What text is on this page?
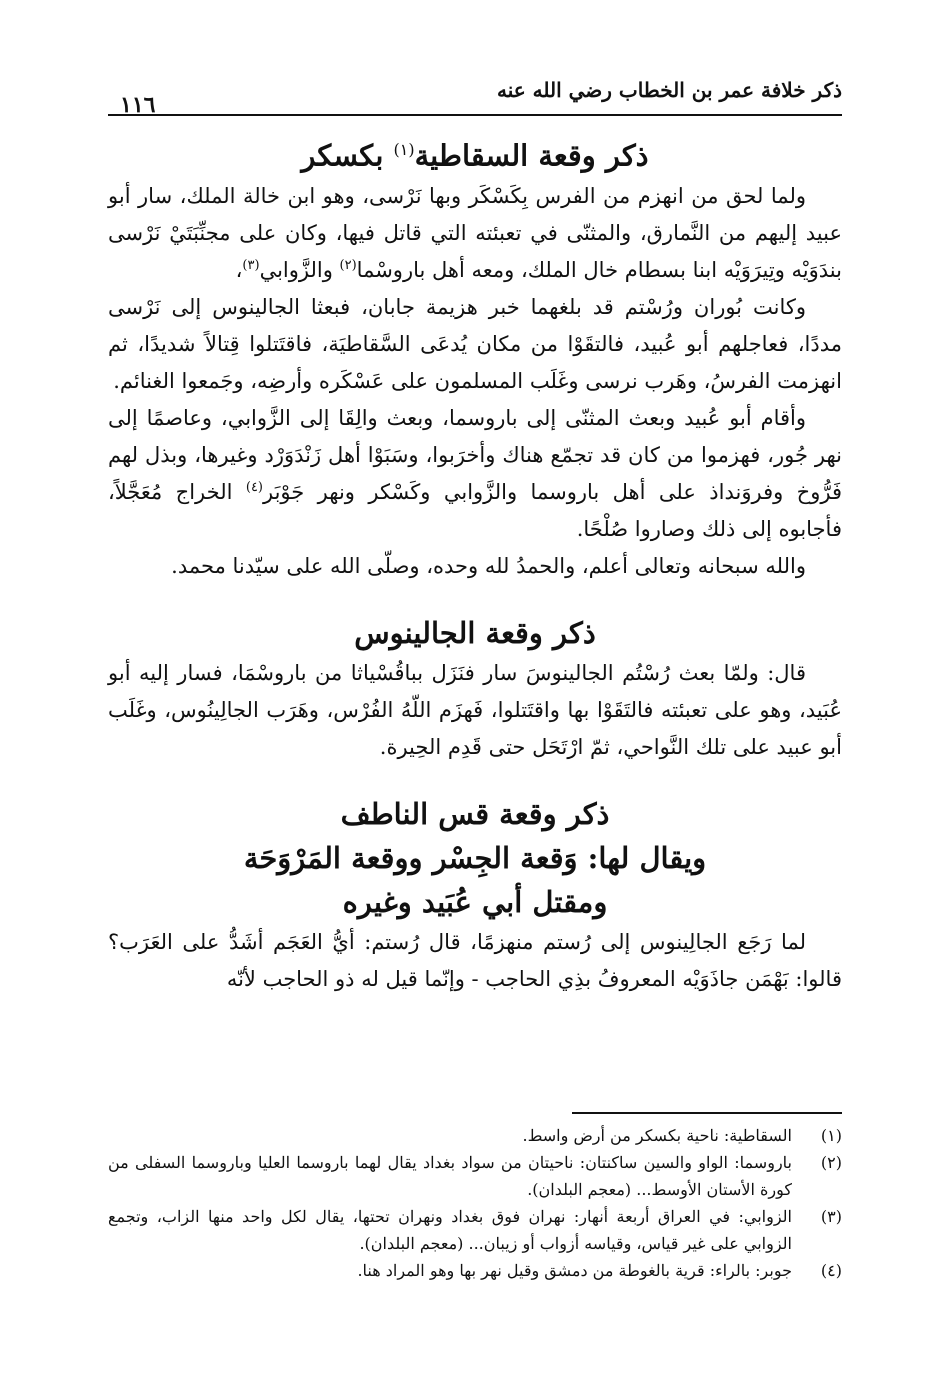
ذكر خلافة عمر بن الخطاب رضي الله عنه
١١٦
ذكر وقعة السقاطية$^{(١)}$ بكسكر

ولما لحق من انهزم من الفرس بِكَسْكَر وبها نَرْسى، وهو ابن خالة الملك، سار أبو عبيد إليهم من النَّمارق، والمثنّى في تعبئته التي قاتل فيها، وكان على مجنِّبَتَيْ نَرْسى بندَوَيْه وتِيرَوَيْه ابنا بسطام خال الملك، ومعه أهل باروسْما$^{(٢)}$ والزَّوابي$^{(٣)}$،

وكانت بُوران ورُسْتم قد بلغهما خبر هزيمة جابان، فبعثا الجالينوس إلى نَرْسى مددًا، فعاجلهم أبو عُبيد، فالتقَوْا من مكان يُدعَى السَّقاطيَة، فاقتَتلوا قِتالاً شديدًا، ثم انهزمت الفرسُ، وهَرب نرسى وغَلَب المسلمون على عَسْكَره وأرضِه، وجَمعوا الغنائم.

وأقام أبو عُبيد وبعث المثنّى إلى باروسما، وبعث والِقَا إلى الزَّوابي، وعاصمًا إلى نهر جُور، فهزموا من كان قد تجمّع هناك وأخرَبوا، وسَبَوْا أهل زَنْدَوَرْد وغيرها، وبذل لهم فَرُّوخ وفروَنداذ على أهل باروسما والزَّوابي وكَسْكر ونهر جَوْبَر$^{(٤)}$ الخراج مُعَجَّلاً، فأجابوه إلى ذلك وصاروا صُلْحًا.

والله سبحانه وتعالى أعلم، والحمدُ لله وحده، وصلّى الله على سيّدنا محمد.

ذكر وقعة الجالينوس

قال: ولمّا بعث رُسْتُم الجالينوسَ سار فنَزَل بباقُسْياثا من باروسْمَا، فسار إليه أبو عُبَيد، وهو على تعبئته فالتَقَوْا بها واقتَتلوا، فَهزَم اللّهُ الفُرْس، وهَرَب الجالِينُوس، وغَلَب أبو عبيد على تلك النَّواحي، ثمّ ارْتَحَل حتى قَدِم الحِيرة.

ذكر وقعة قس الناطف
ويقال لها: وَقعة الجِسْر ووقعة المَرْوَحَة
ومقتل أبي عُبَيد وغيره

لما رَجَع الجالِينوس إلى رُستم منهزمًا، قال رُستم: أيُّ العَجَم أشَدُّ على العَرَب؟ قالوا: بَهْمَن جاذَوَيْه المعروفُ بذِي الحاجب - وإنّما قيل له ذو الحاجب لأنّه

(١)
السقاطية: ناحية بكسكر من أرض واسط.
(٢)
باروسما: الواو والسين ساكنتان: ناحيتان من سواد بغداد يقال لهما باروسما العليا وباروسما السفلى من كورة الأستان الأوسط... (معجم البلدان).
(٣)
الزوابي: في العراق أربعة أنهار: نهران فوق بغداد ونهران تحتها، يقال لكل واحد منها الزاب، وتجمع الزوابي على غير قياس، وقياسه أزواب أو زيبان... (معجم البلدان).
(٤)
جوبر: بالراء: قرية بالغوطة من دمشق وقيل نهر بها وهو المراد هنا.
